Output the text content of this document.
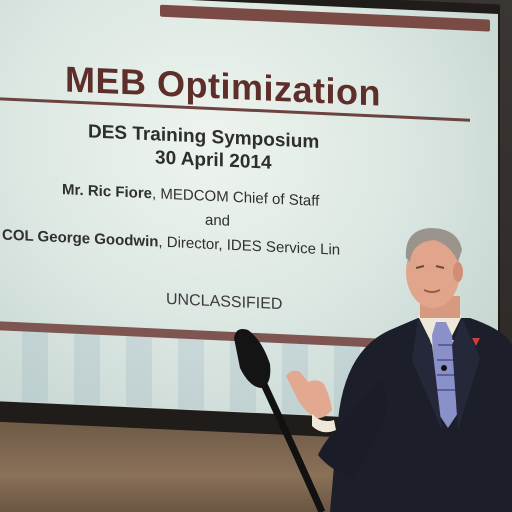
MEB Optimization
DES Training Symposium
30 April 2014
Mr. Ric Fiore, MEDCOM Chief of Staff
and
COL George Goodwin, Director, IDES Service Lin
UNCLASSIFIED
